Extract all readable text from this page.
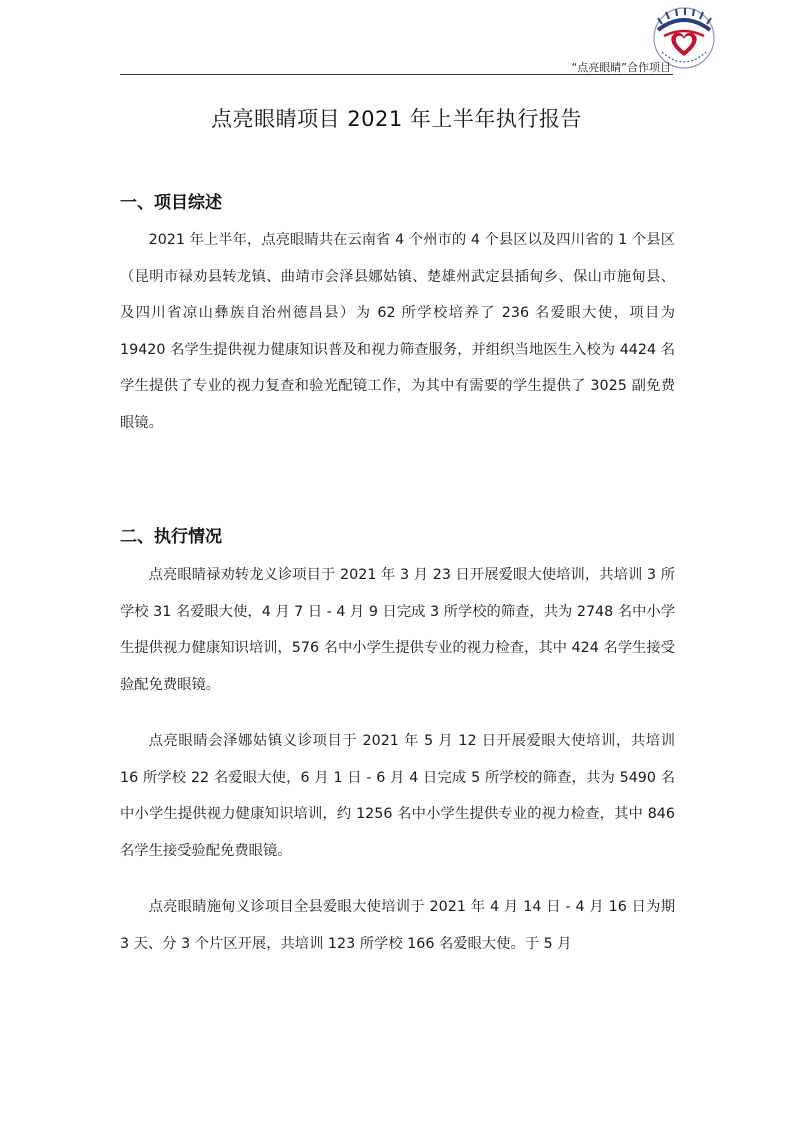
“点亮眼睛”合作项目
点亮眼睛项目 2021 年上半年执行报告
一、项目综述

2021 年上半年，点亮眼睛共在云南省 4 个州市的 4 个县区以及四川省的 1 个县区（昆明市禄劝县转龙镇、曲靖市会泽县娜姑镇、楚雄州武定县插甸乡、保山市施甸县、及四川省凉山彝族自治州德昌县）为 62 所学校培养了 236 名爱眼大使，项目为 19420 名学生提供视力健康知识普及和视力筛查服务，并组织当地医生入校为 4424 名学生提供了专业的视力复查和验光配镜工作，为其中有需要的学生提供了 3025 副免费眼镜。

二、执行情况

点亮眼睛禄劝转龙义诊项目于 2021 年 3 月 23 日开展爱眼大使培训，共培训 3 所学校 31 名爱眼大使，4 月 7 日 - 4 月 9 日完成 3 所学校的筛查，共为 2748 名中小学生提供视力健康知识培训，576 名中小学生提供专业的视力检查，其中 424 名学生接受验配免费眼镜。

点亮眼睛会泽娜姑镇义诊项目于 2021 年 5 月 12 日开展爱眼大使培训，共培训 16 所学校 22 名爱眼大使，6 月 1 日 - 6 月 4 日完成 5 所学校的筛查，共为 5490 名中小学生提供视力健康知识培训，约 1256 名中小学生提供专业的视力检查，其中 846 名学生接受验配免费眼镜。

点亮眼睛施甸义诊项目全县爱眼大使培训于 2021 年 4 月 14 日 - 4 月 16 日为期 3 天、分 3 个片区开展，共培训 123 所学校 166 名爱眼大使。于 5 月
